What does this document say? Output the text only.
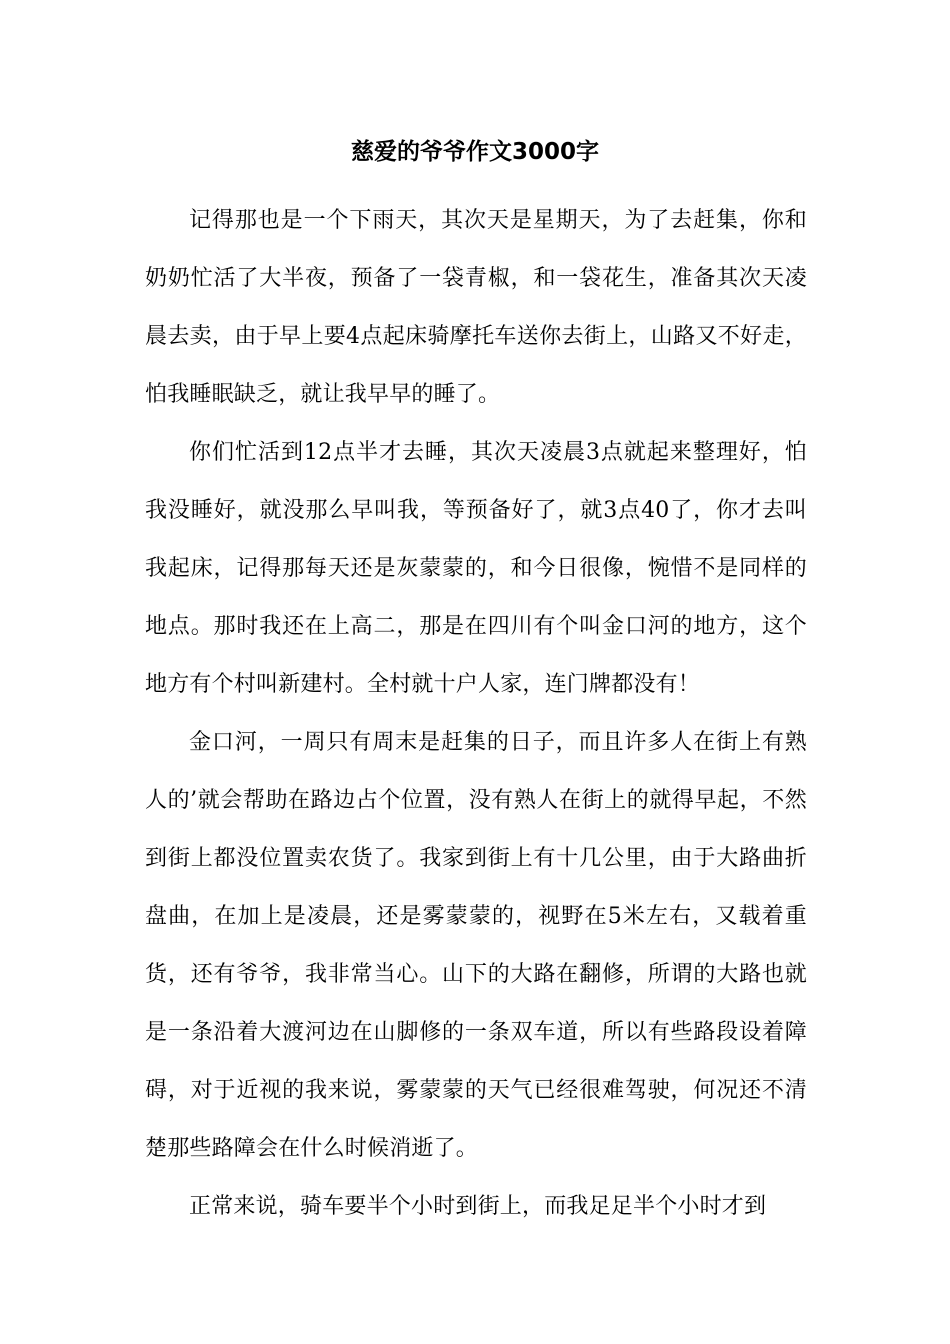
慈爱的爷爷作文3000字

记得那也是一个下雨天，其次天是星期天，为了去赶集，你和奶奶忙活了大半夜，预备了一袋青椒，和一袋花生，准备其次天凌晨去卖，由于早上要4点起床骑摩托车送你去街上，山路又不好走，怕我睡眠缺乏，就让我早早的睡了。

你们忙活到12点半才去睡，其次天凌晨3点就起来整理好，怕我没睡好，就没那么早叫我，等预备好了，就3点40了，你才去叫我起床，记得那每天还是灰蒙蒙的，和今日很像，惋惜不是同样的地点。那时我还在上高二，那是在四川有个叫金口河的地方，这个地方有个村叫新建村。全村就十户人家，连门牌都没有！

金口河，一周只有周末是赶集的日子，而且许多人在街上有熟人的’就会帮助在路边占个位置，没有熟人在街上的就得早起，不然到街上都没位置卖农货了。我家到街上有十几公里，由于大路曲折盘曲，在加上是凌晨，还是雾蒙蒙的，视野在5米左右，又载着重货，还有爷爷，我非常当心。山下的大路在翻修，所谓的大路也就是一条沿着大渡河边在山脚修的一条双车道，所以有些路段设着障碍，对于近视的我来说，雾蒙蒙的天气已经很难驾驶，何况还不清楚那些路障会在什么时候消逝了。

正常来说，骑车要半个小时到街上，而我足足半个小时才到
